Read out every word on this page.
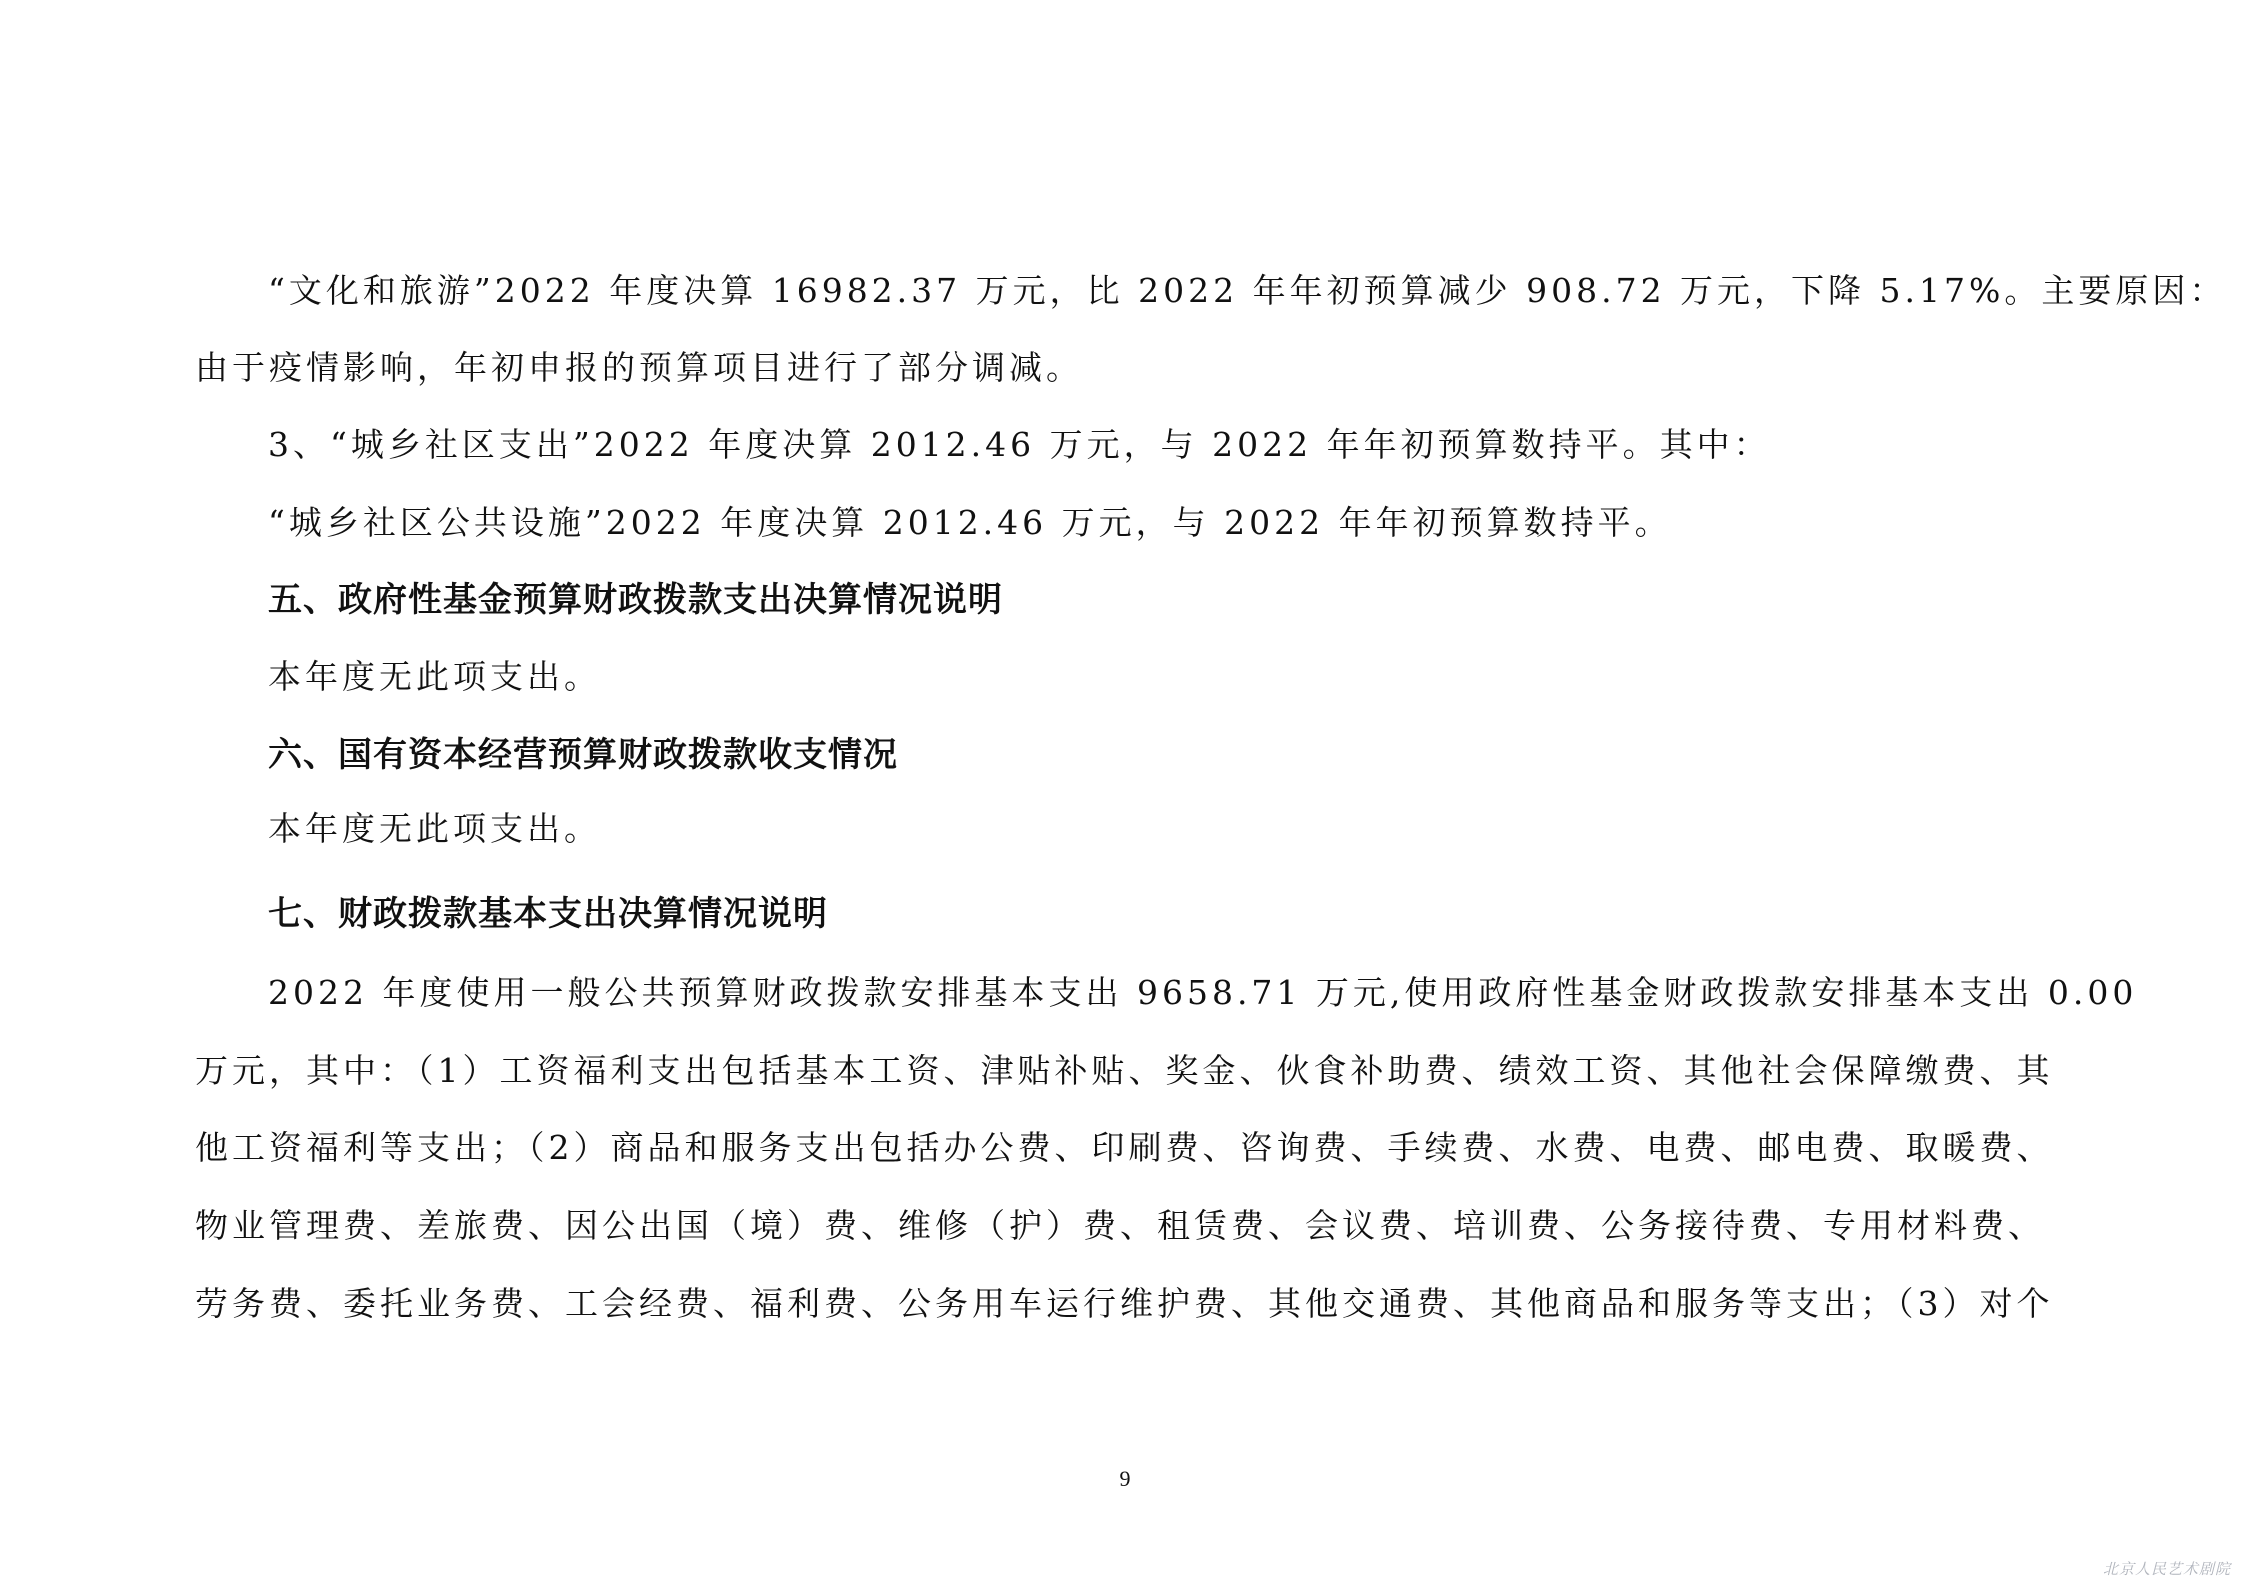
“文化和旅游”2022 年度决算 16982.37 万元，比 2022 年年初预算减少 908.72 万元，下降 5.17%。主要原因：
由于疫情影响，年初申报的预算项目进行了部分调减。
3、“城乡社区支出”2022 年度决算 2012.46 万元，与 2022 年年初预算数持平。其中：
“城乡社区公共设施”2022 年度决算 2012.46 万元，与 2022 年年初预算数持平。
五、政府性基金预算财政拨款支出决算情况说明
本年度无此项支出。
六、国有资本经营预算财政拨款收支情况
本年度无此项支出。
七、财政拨款基本支出决算情况说明
2022 年度使用一般公共预算财政拨款安排基本支出 9658.71 万元,使用政府性基金财政拨款安排基本支出 0.00
万元，其中：（1）工资福利支出包括基本工资、津贴补贴、奖金、伙食补助费、绩效工资、其他社会保障缴费、其
他工资福利等支出；（2）商品和服务支出包括办公费、印刷费、咨询费、手续费、水费、电费、邮电费、取暖费、
物业管理费、差旅费、因公出国（境）费、维修（护）费、租赁费、会议费、培训费、公务接待费、专用材料费、
劳务费、委托业务费、工会经费、福利费、公务用车运行维护费、其他交通费、其他商品和服务等支出；（3）对个
9
北京人民艺术剧院
